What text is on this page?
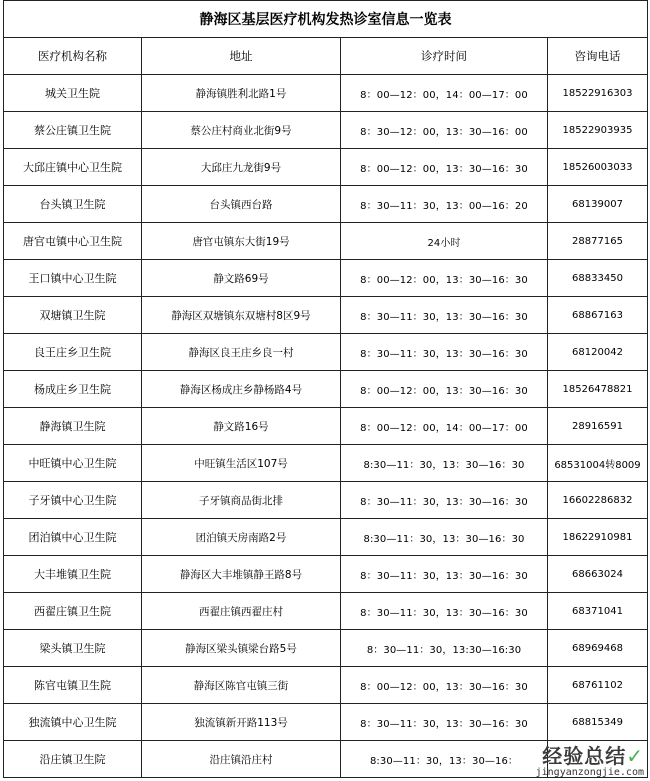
静海区基层医疗机构发热诊室信息一览表			
医疗机构名称	地址	诊疗时间	咨询电话
城关卫生院	静海镇胜利北路1号	8：00—12：00，14：00—17：00	18522916303
蔡公庄镇卫生院	蔡公庄村商业北街9号	8：30—12：00，13：30—16：00	18522903935
大邱庄镇中心卫生院	大邱庄九龙街9号	8：00—12：00，13：30—16：30	18526003033
台头镇卫生院	台头镇西台路	8：30—11：30，13：00—16：20	68139007
唐官屯镇中心卫生院	唐官屯镇东大街19号	24小时	28877165
王口镇中心卫生院	静文路69号	8：00—12：00，13：30—16：30	68833450
双塘镇卫生院	静海区双塘镇东双塘村8区9号	8：30—11：30，13：30—16：30	68867163
良王庄乡卫生院	静海区良王庄乡良一村	8：30—11：30，13：30—16：30	68120042
杨成庄乡卫生院	静海区杨成庄乡静杨路4号	8：00—12：00，13：30—16：30	18526478821
静海镇卫生院	静文路16号	8：00—12：00，14：00—17：00	28916591
中旺镇中心卫生院	中旺镇生活区107号	8:30—11：30，13：30—16：30	68531004转8009
子牙镇中心卫生院	子牙镇商品街北排	8：30—11：30，13：30—16：30	16602286832
团泊镇中心卫生院	团泊镇天房南路2号	8:30—11：30，13：30—16：30	18622910981
大丰堆镇卫生院	静海区大丰堆镇静王路8号	8：30—11：30，13：30—16：30	68663024
西翟庄镇卫生院	西翟庄镇西翟庄村	8：30—11：30，13：30—16：30	68371041
梁头镇卫生院	静海区梁头镇梁台路5号	8：30—11：30，13:30—16:30	68969468
陈官屯镇卫生院	静海区陈官屯镇三街	8：00—12：00，13：30—16：30	68761102
独流镇中心卫生院	独流镇新开路113号	8：30—11：30，13：30—16：30	68815349
沿庄镇卫生院	沿庄镇沿庄村	8:30—11：30，13：30—16：		经验总结✓
jingyanzongjie.com
